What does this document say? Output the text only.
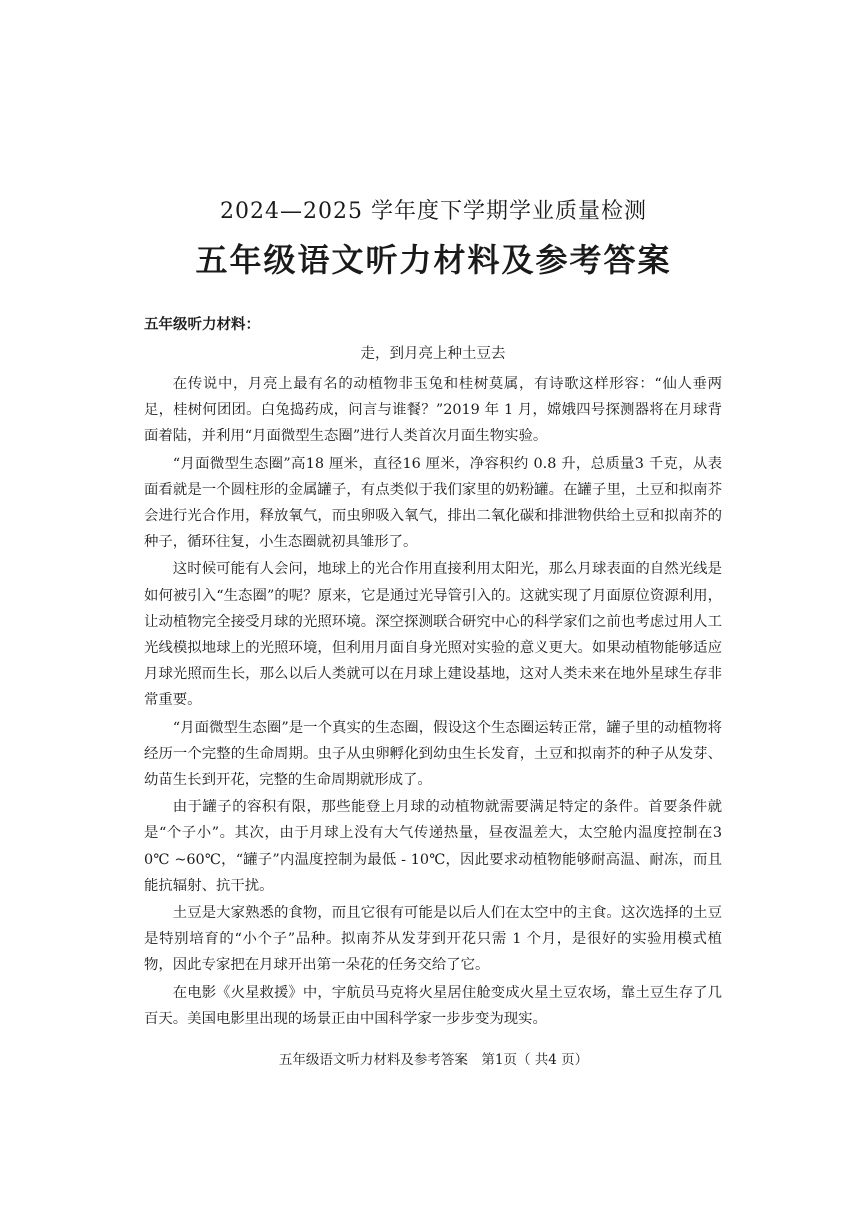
2024—2025 学年度下学期学业质量检测
五年级语文听力材料及参考答案
五年级听力材料：
走，到月亮上种土豆去

在传说中，月亮上最有名的动植物非玉兔和桂树莫属，有诗歌这样形容：“仙人垂两足，桂树何团团。白兔捣药成，问言与谁餐？”2019 年 1 月，嫦娥四号探测器将在月球背面着陆，并利用“月面微型生态圈”进行人类首次月面生物实验。

“月面微型生态圈”高18 厘米，直径16 厘米，净容积约 0.8 升，总质量3 千克，从表面看就是一个圆柱形的金属罐子，有点类似于我们家里的奶粉罐。在罐子里，土豆和拟南芥会进行光合作用，释放氧气，而虫卵吸入氧气，排出二氧化碳和排泄物供给土豆和拟南芥的种子，循环往复，小生态圈就初具雏形了。

这时候可能有人会问，地球上的光合作用直接利用太阳光，那么月球表面的自然光线是如何被引入“生态圈”的呢？原来，它是通过光导管引入的。这就实现了月面原位资源利用，让动植物完全接受月球的光照环境。深空探测联合研究中心的科学家们之前也考虑过用人工光线模拟地球上的光照环境，但利用月面自身光照对实验的意义更大。如果动植物能够适应月球光照而生长，那么以后人类就可以在月球上建设基地，这对人类未来在地外星球生存非常重要。

“月面微型生态圈”是一个真实的生态圈，假设这个生态圈运转正常，罐子里的动植物将经历一个完整的生命周期。虫子从虫卵孵化到幼虫生长发育，土豆和拟南芥的种子从发芽、幼苗生长到开花，完整的生命周期就形成了。

由于罐子的容积有限，那些能登上月球的动植物就需要满足特定的条件。首要条件就是“个子小”。其次，由于月球上没有大气传递热量，昼夜温差大，太空舱内温度控制在30℃ ~60℃，“罐子”内温度控制为最低 - 10℃，因此要求动植物能够耐高温、耐冻，而且能抗辐射、抗干扰。

土豆是大家熟悉的食物，而且它很有可能是以后人们在太空中的主食。这次选择的土豆是特别培育的“小个子”品种。拟南芥从发芽到开花只需 1 个月，是很好的实验用模式植物，因此专家把在月球开出第一朵花的任务交给了它。

在电影《火星救援》中，宇航员马克将火星居住舱变成火星土豆农场，靠土豆生存了几百天。美国电影里出现的场景正由中国科学家一步步变为现实。

五年级语文听力材料及参考答案　第1页（ 共4 页）
